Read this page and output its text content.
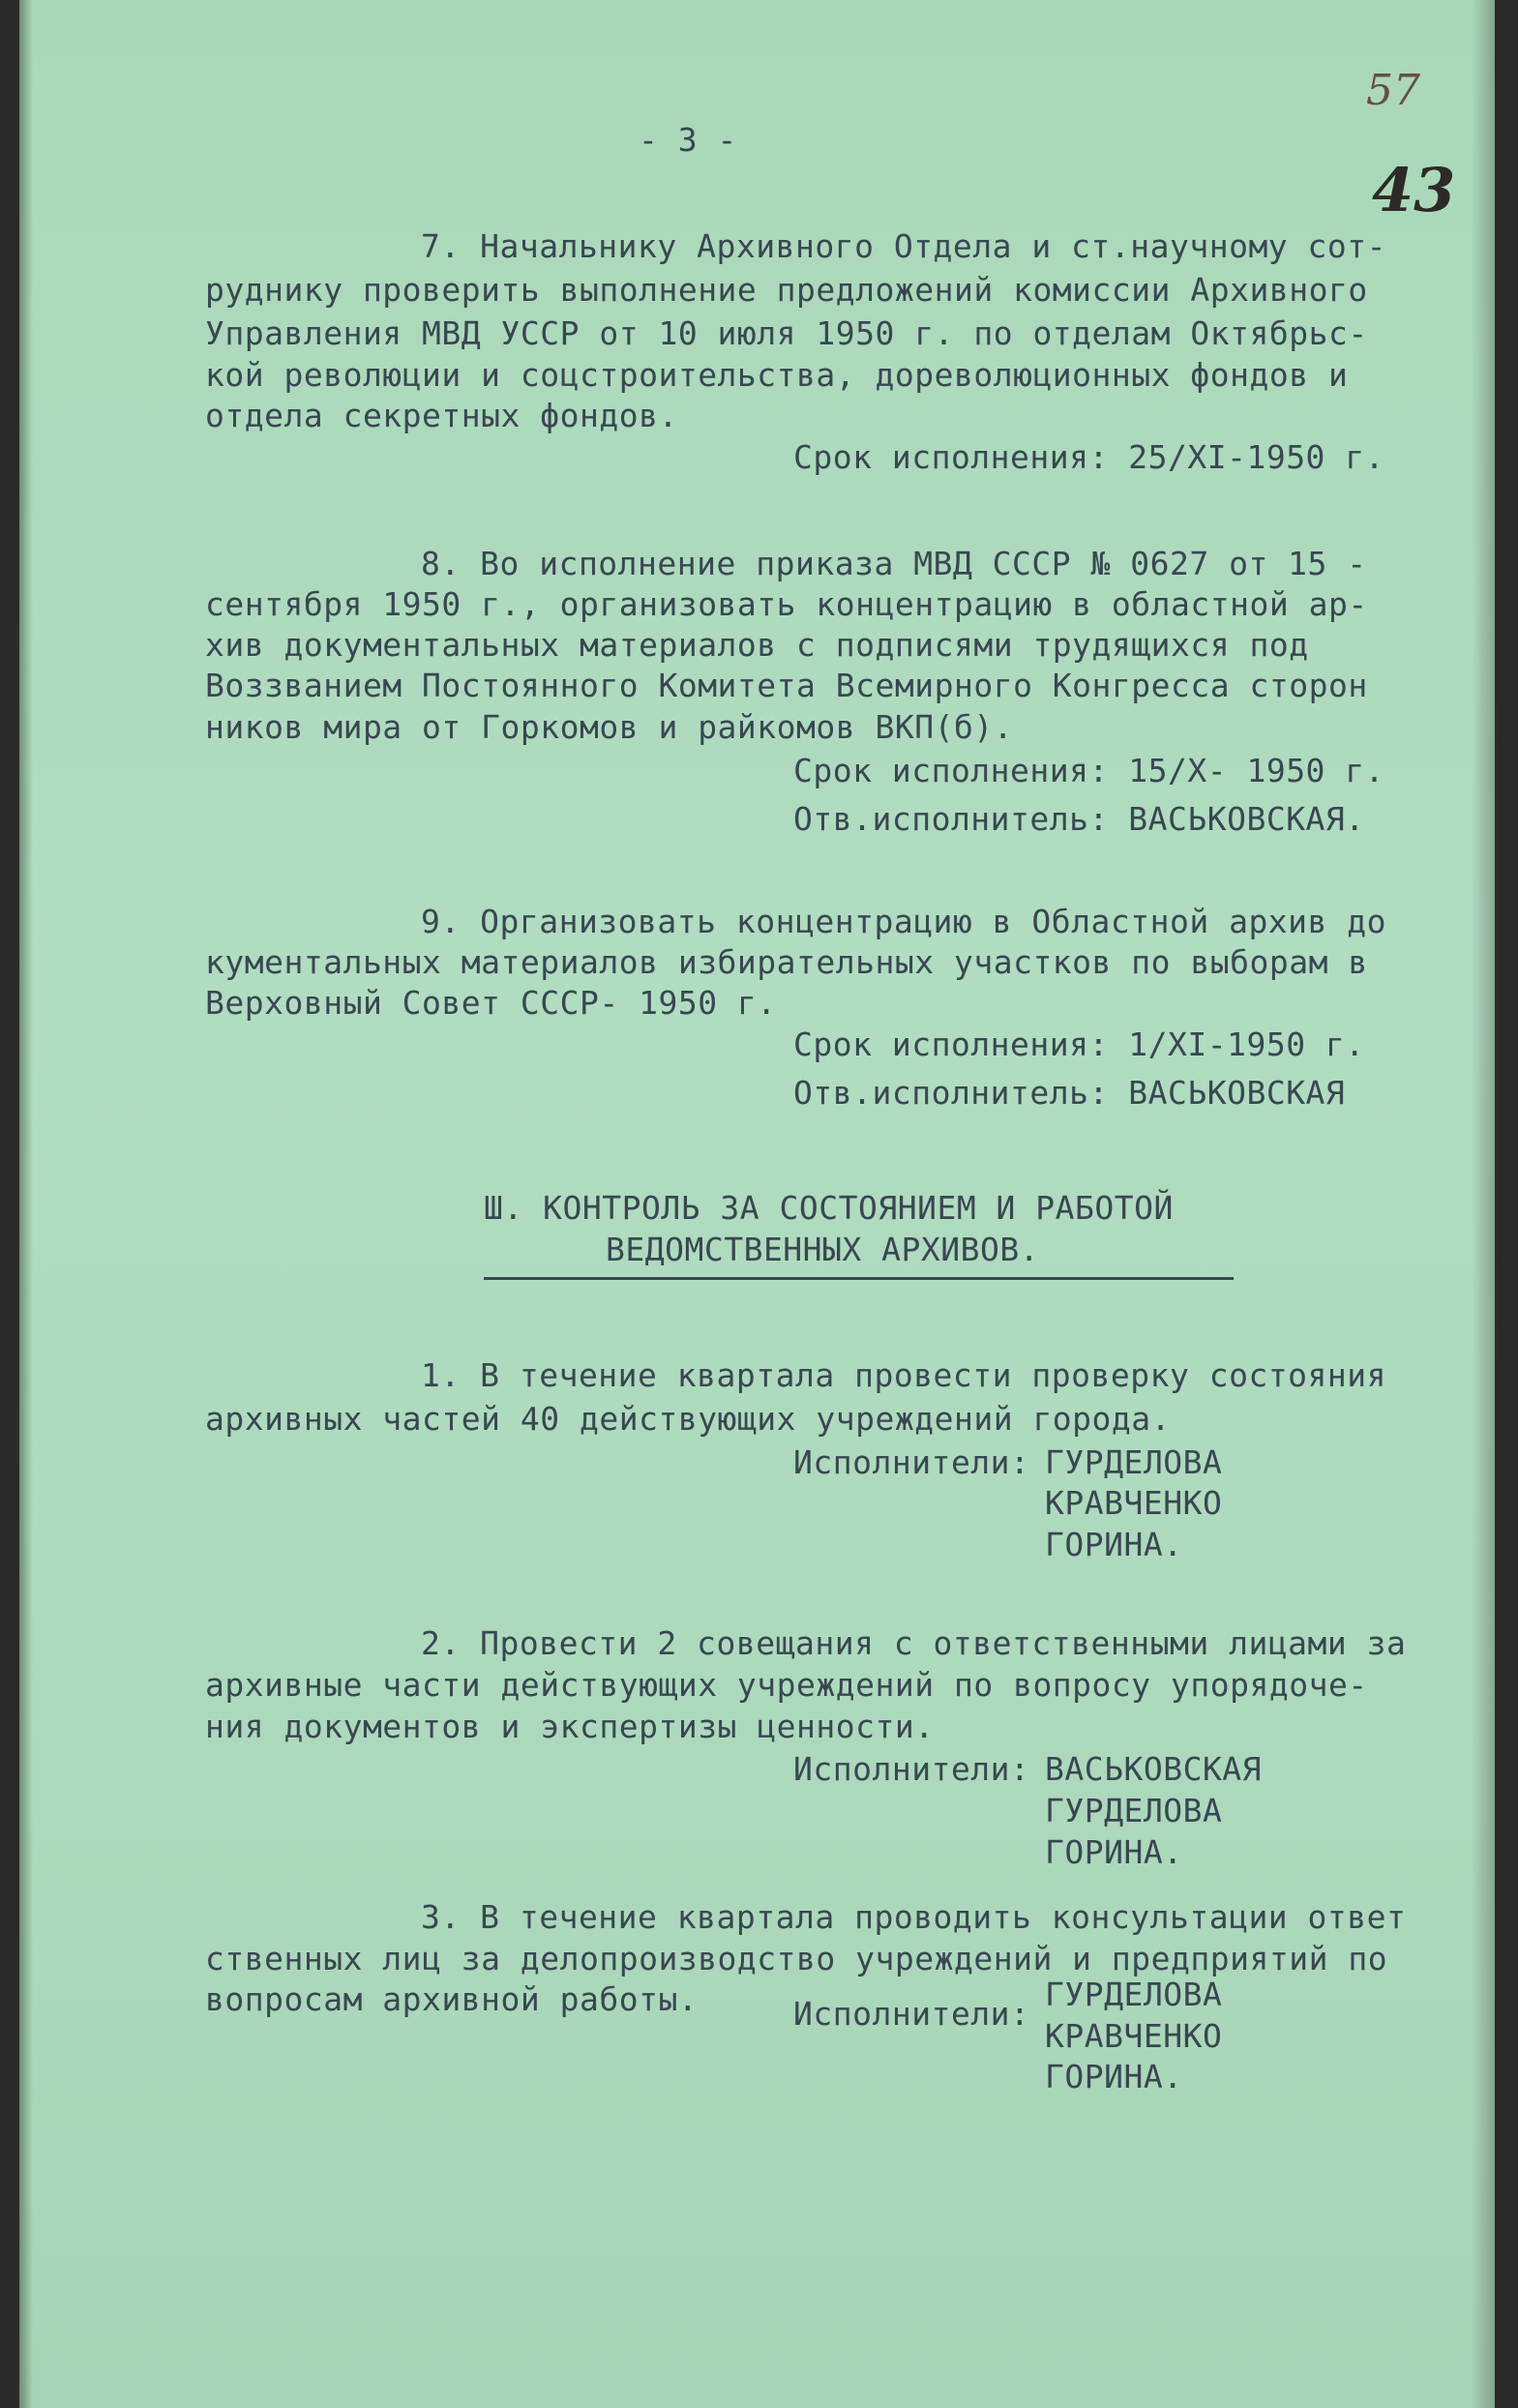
57
43
- 3 -
7. Начальнику Архивного Отдела и ст.научному сот-
руднику проверить выполнение предложений комиссии Архивного
Управления МВД УССР от 10 июля 1950 г. по отделам Октябрьс-
кой революции и соцстроительства, дореволюционных фондов и
отдела секретных фондов.
Срок исполнения: 25/XI-1950 г.
8. Во исполнение приказа МВД СССР № 0627 от 15 -
сентября 1950 г., организовать концентрацию в областной ар-
хив документальных материалов с подписями трудящихся под
Воззванием Постоянного Комитета Всемирного Конгресса сторон
ников мира от Горкомов и райкомов ВКП(б).
Срок исполнения: 15/X- 1950 г.
Отв.исполнитель: ВАСЬКОВСКАЯ.
9. Организовать концентрацию в Областной архив до
кументальных материалов избирательных участков по выборам в
Верховный Совет СССР- 1950 г.
Срок исполнения: 1/XI-1950 г.
Отв.исполнитель: ВАСЬКОВСКАЯ
Ш. КОНТРОЛЬ ЗА СОСТОЯНИЕМ И РАБОТОЙ
ВЕДОМСТВЕННЫХ АРХИВОВ.
1. В течение квартала провести проверку состояния
архивных частей 40 действующих учреждений города.
Исполнители: ГУРДЕЛОВА
КРАВЧЕНКО
ГОРИНА.
2. Провести 2 совещания с ответственными лицами за
архивные части действующих учреждений по вопросу упорядоче-
ния документов и экспертизы ценности.
Исполнители: ВАСЬКОВСКАЯ
ГУРДЕЛОВА
ГОРИНА.
3. В течение квартала проводить консультации ответ
ственных лиц за делопроизводство учреждений и предприятий по
вопросам архивной работы.	Исполнители:
ГУРДЕЛОВА
КРАВЧЕНКО
ГОРИНА.
